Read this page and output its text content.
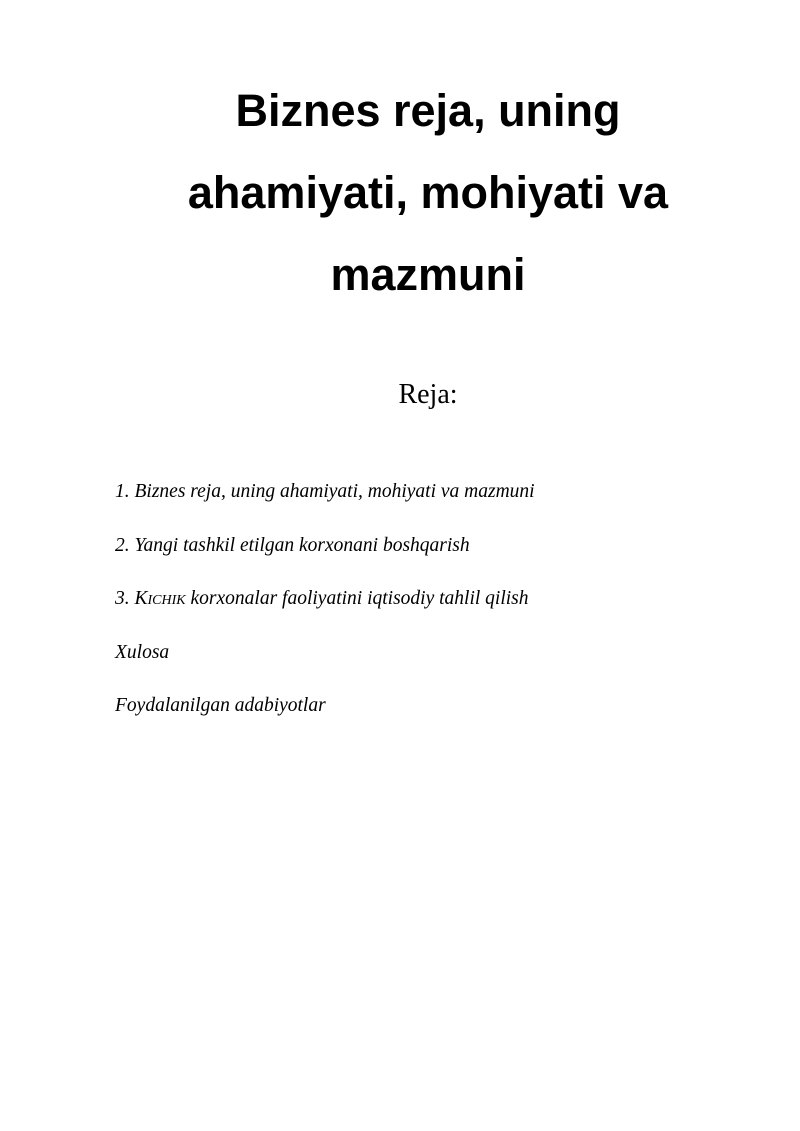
Biznes reja, uning ahamiyati, mohiyati va mazmuni
Reja:
1. Biznes reja, uning ahamiyati, mohiyati va mazmuni
2. Yangi tashkil etilgan korxonani boshqarish
3. Kichik korxonalar faoliyatini iqtisodiy tahlil qilish
Xulosa
Foydalanilgan adabiyotlar
